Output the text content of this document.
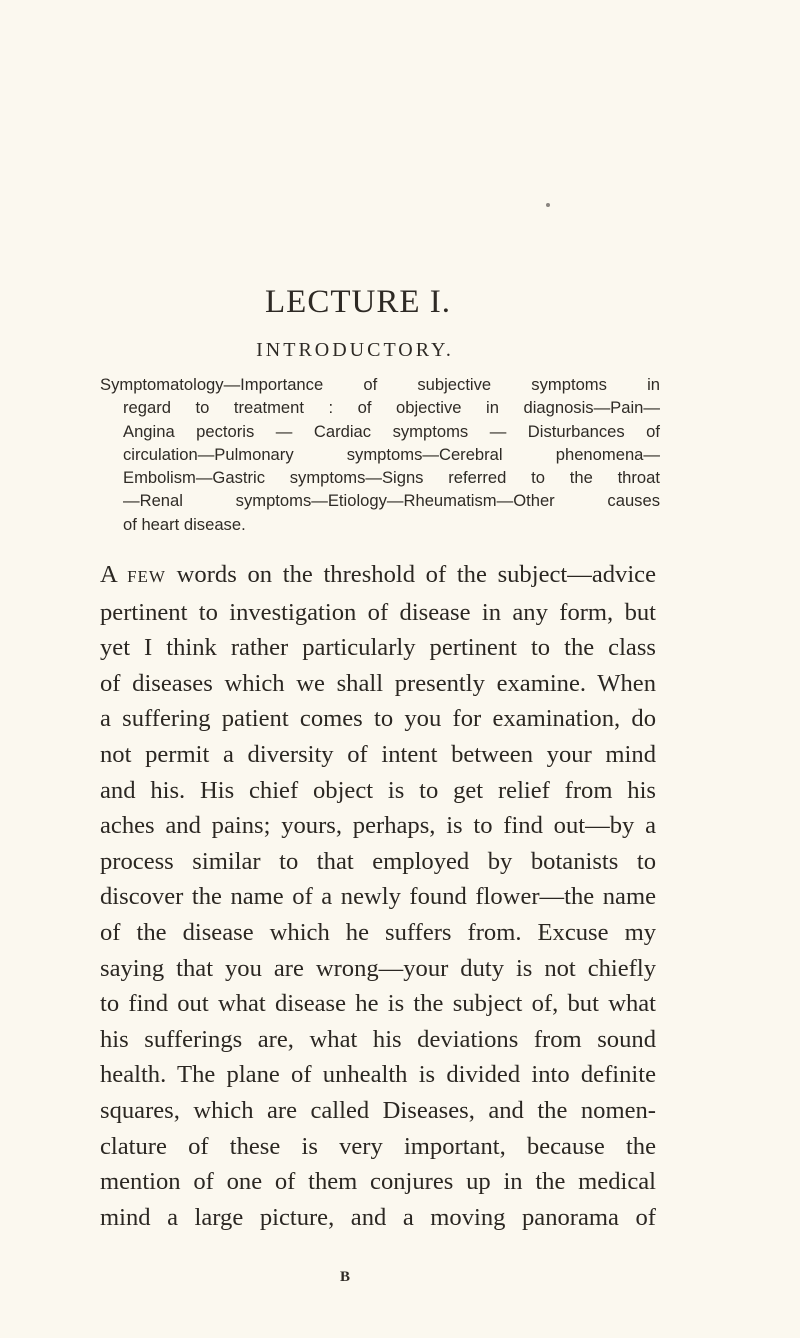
LECTURE I.
INTRODUCTORY.

Symptomatology—Importance of subjective symptoms in
regard to treatment : of objective in diagnosis—Pain—
Angina pectoris — Cardiac symptoms — Disturbances of
circulation—Pulmonary symptoms—Cerebral phenomena—
Embolism—Gastric symptoms—Signs referred to the throat
—Renal symptoms—Etiology—Rheumatism—Other causes
of heart disease.

A FEW words on the threshold of the subject—advice
pertinent to investigation of disease in any form, but
yet I think rather particularly pertinent to the class
of diseases which we shall presently examine. When
a suffering patient comes to you for examination, do
not permit a diversity of intent between your mind
and his. His chief object is to get relief from his
aches and pains; yours, perhaps, is to find out—by a
process similar to that employed by botanists to
discover the name of a newly found flower—the name
of the disease which he suffers from. Excuse my
saying that you are wrong—your duty is not chiefly
to find out what disease he is the subject of, but what
his sufferings are, what his deviations from sound
health. The plane of unhealth is divided into definite
squares, which are called Diseases, and the nomen-
clature of these is very important, because the
mention of one of them conjures up in the medical
mind a large picture, and a moving panorama of
B
